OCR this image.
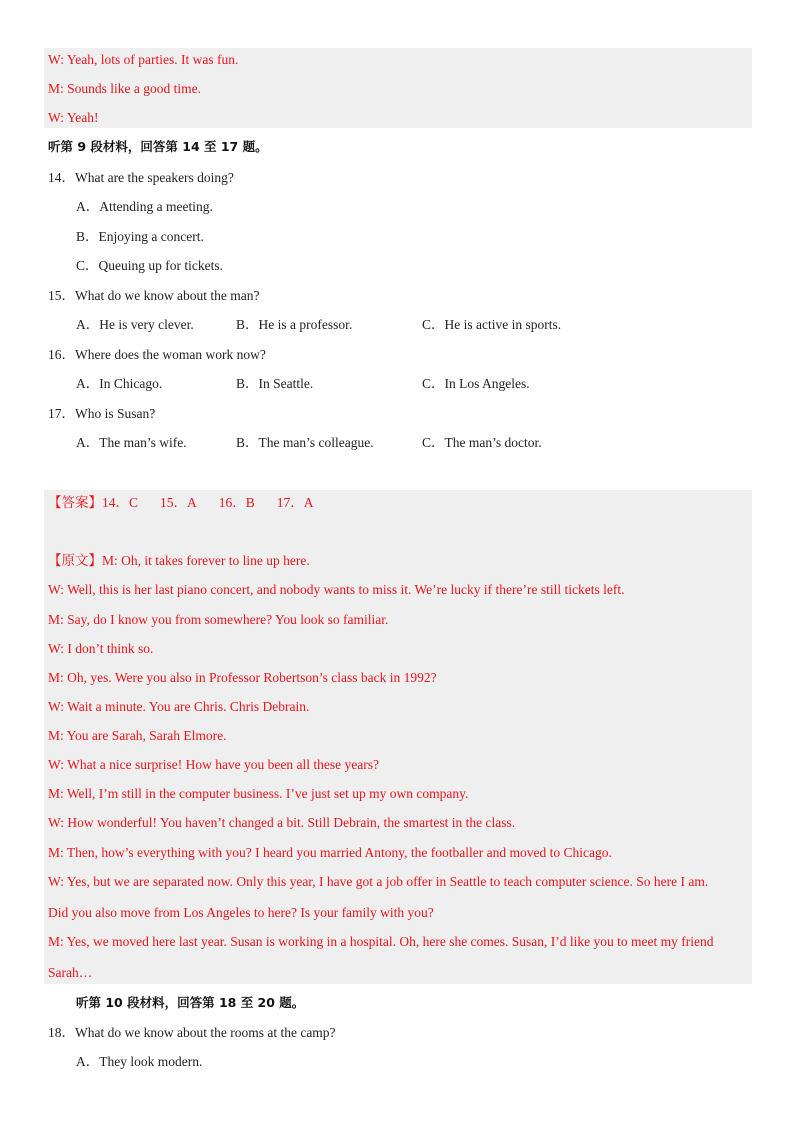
W: Yeah, lots of parties. It was fun.
M: Sounds like a good time.
W: Yeah!
听第 9 段材料，回答第 14 至 17 题。
14．What are the speakers doing?
A．Attending a meeting.
B．Enjoying a concert.
C．Queuing up for tickets.
15．What do we know about the man?
A．He is very clever.	B．He is a professor.	C．He is active in sports.
16．Where does the woman work now?
A．In Chicago.	B．In Seattle.	C．In Los Angeles.
17．Who is Susan?
A．The man’s wife.	B．The man’s colleague.	C．The man’s doctor.
【答案】14．C 15．A 16．B 17．A
【原文】M: Oh, it takes forever to line up here.
W: Well, this is her last piano concert, and nobody wants to miss it. We’re lucky if there’re still tickets left.
M: Say, do I know you from somewhere? You look so familiar.
W: I don’t think so.
M: Oh, yes. Were you also in Professor Robertson’s class back in 1992?
W: Wait a minute. You are Chris. Chris Debrain.
M: You are Sarah, Sarah Elmore.
W: What a nice surprise! How have you been all these years?
M: Well, I’m still in the computer business. I’ve just set up my own company.
W: How wonderful! You haven’t changed a bit. Still Debrain, the smartest in the class.
M: Then, how’s everything with you? I heard you married Antony, the footballer and moved to Chicago.
W: Yes, but we are separated now. Only this year, I have got a job offer in Seattle to teach computer science. So here I am.
Did you also move from Los Angeles to here? Is your family with you?
M: Yes, we moved here last year. Susan is working in a hospital. Oh, here she comes. Susan, I’d like you to meet my friend
Sarah…
听第 10 段材料，回答第 18 至 20 题。
18．What do we know about the rooms at the camp?
A．They look modern.
